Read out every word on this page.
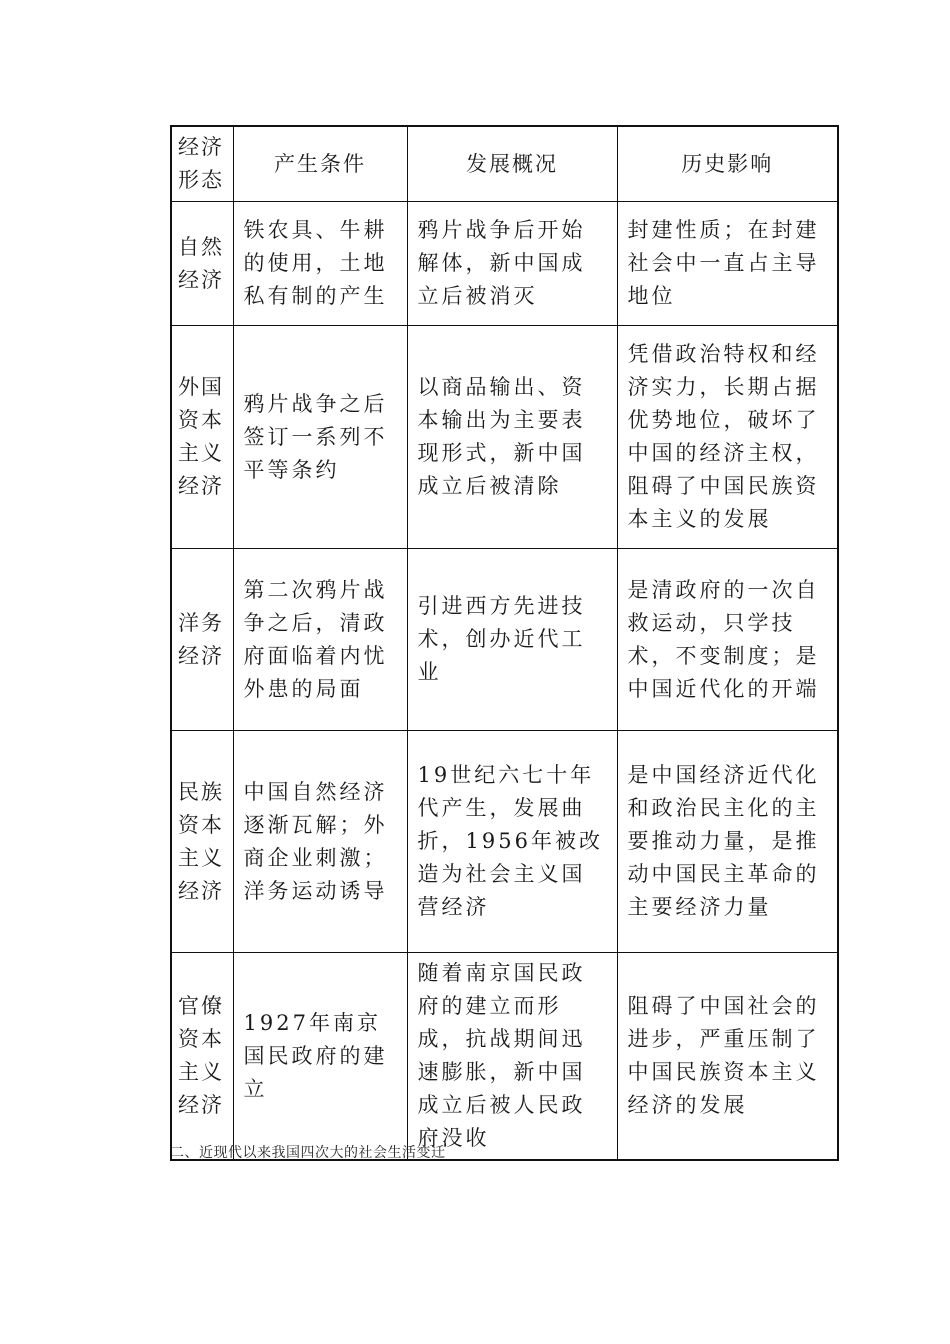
经济形态	产生条件	发展概况	历史影响
自然经济	铁农具、牛耕的使用，土地私有制的产生	鸦片战争后开始解体，新中国成立后被消灭	封建性质；在封建社会中一直占主导地位
外国资本主义经济	鸦片战争之后签订一系列不平等条约	以商品输出、资本输出为主要表现形式，新中国成立后被清除	凭借政治特权和经济实力，长期占据优势地位，破坏了中国的经济主权，阻碍了中国民族资本主义的发展
洋务经济	第二次鸦片战争之后，清政府面临着内忧外患的局面	引进西方先进技术，创办近代工业	是清政府的一次自救运动，只学技术，不变制度；是中国近代化的开端
民族资本主义经济	中国自然经济逐渐瓦解；外商企业刺激；洋务运动诱导	19世纪六七十年代产生，发展曲折，1956年被改造为社会主义国营经济	是中国经济近代化和政治民主化的主要推动力量，是推动中国民主革命的主要经济力量
官僚资本主义经济	1927年南京国民政府的建立	随着南京国民政府的建立而形成，抗战期间迅速膨胀，新中国成立后被人民政府没收	阻碍了中国社会的进步，严重压制了中国民族资本主义经济的发展
二、近现代以来我国四次大的社会生活变迁
